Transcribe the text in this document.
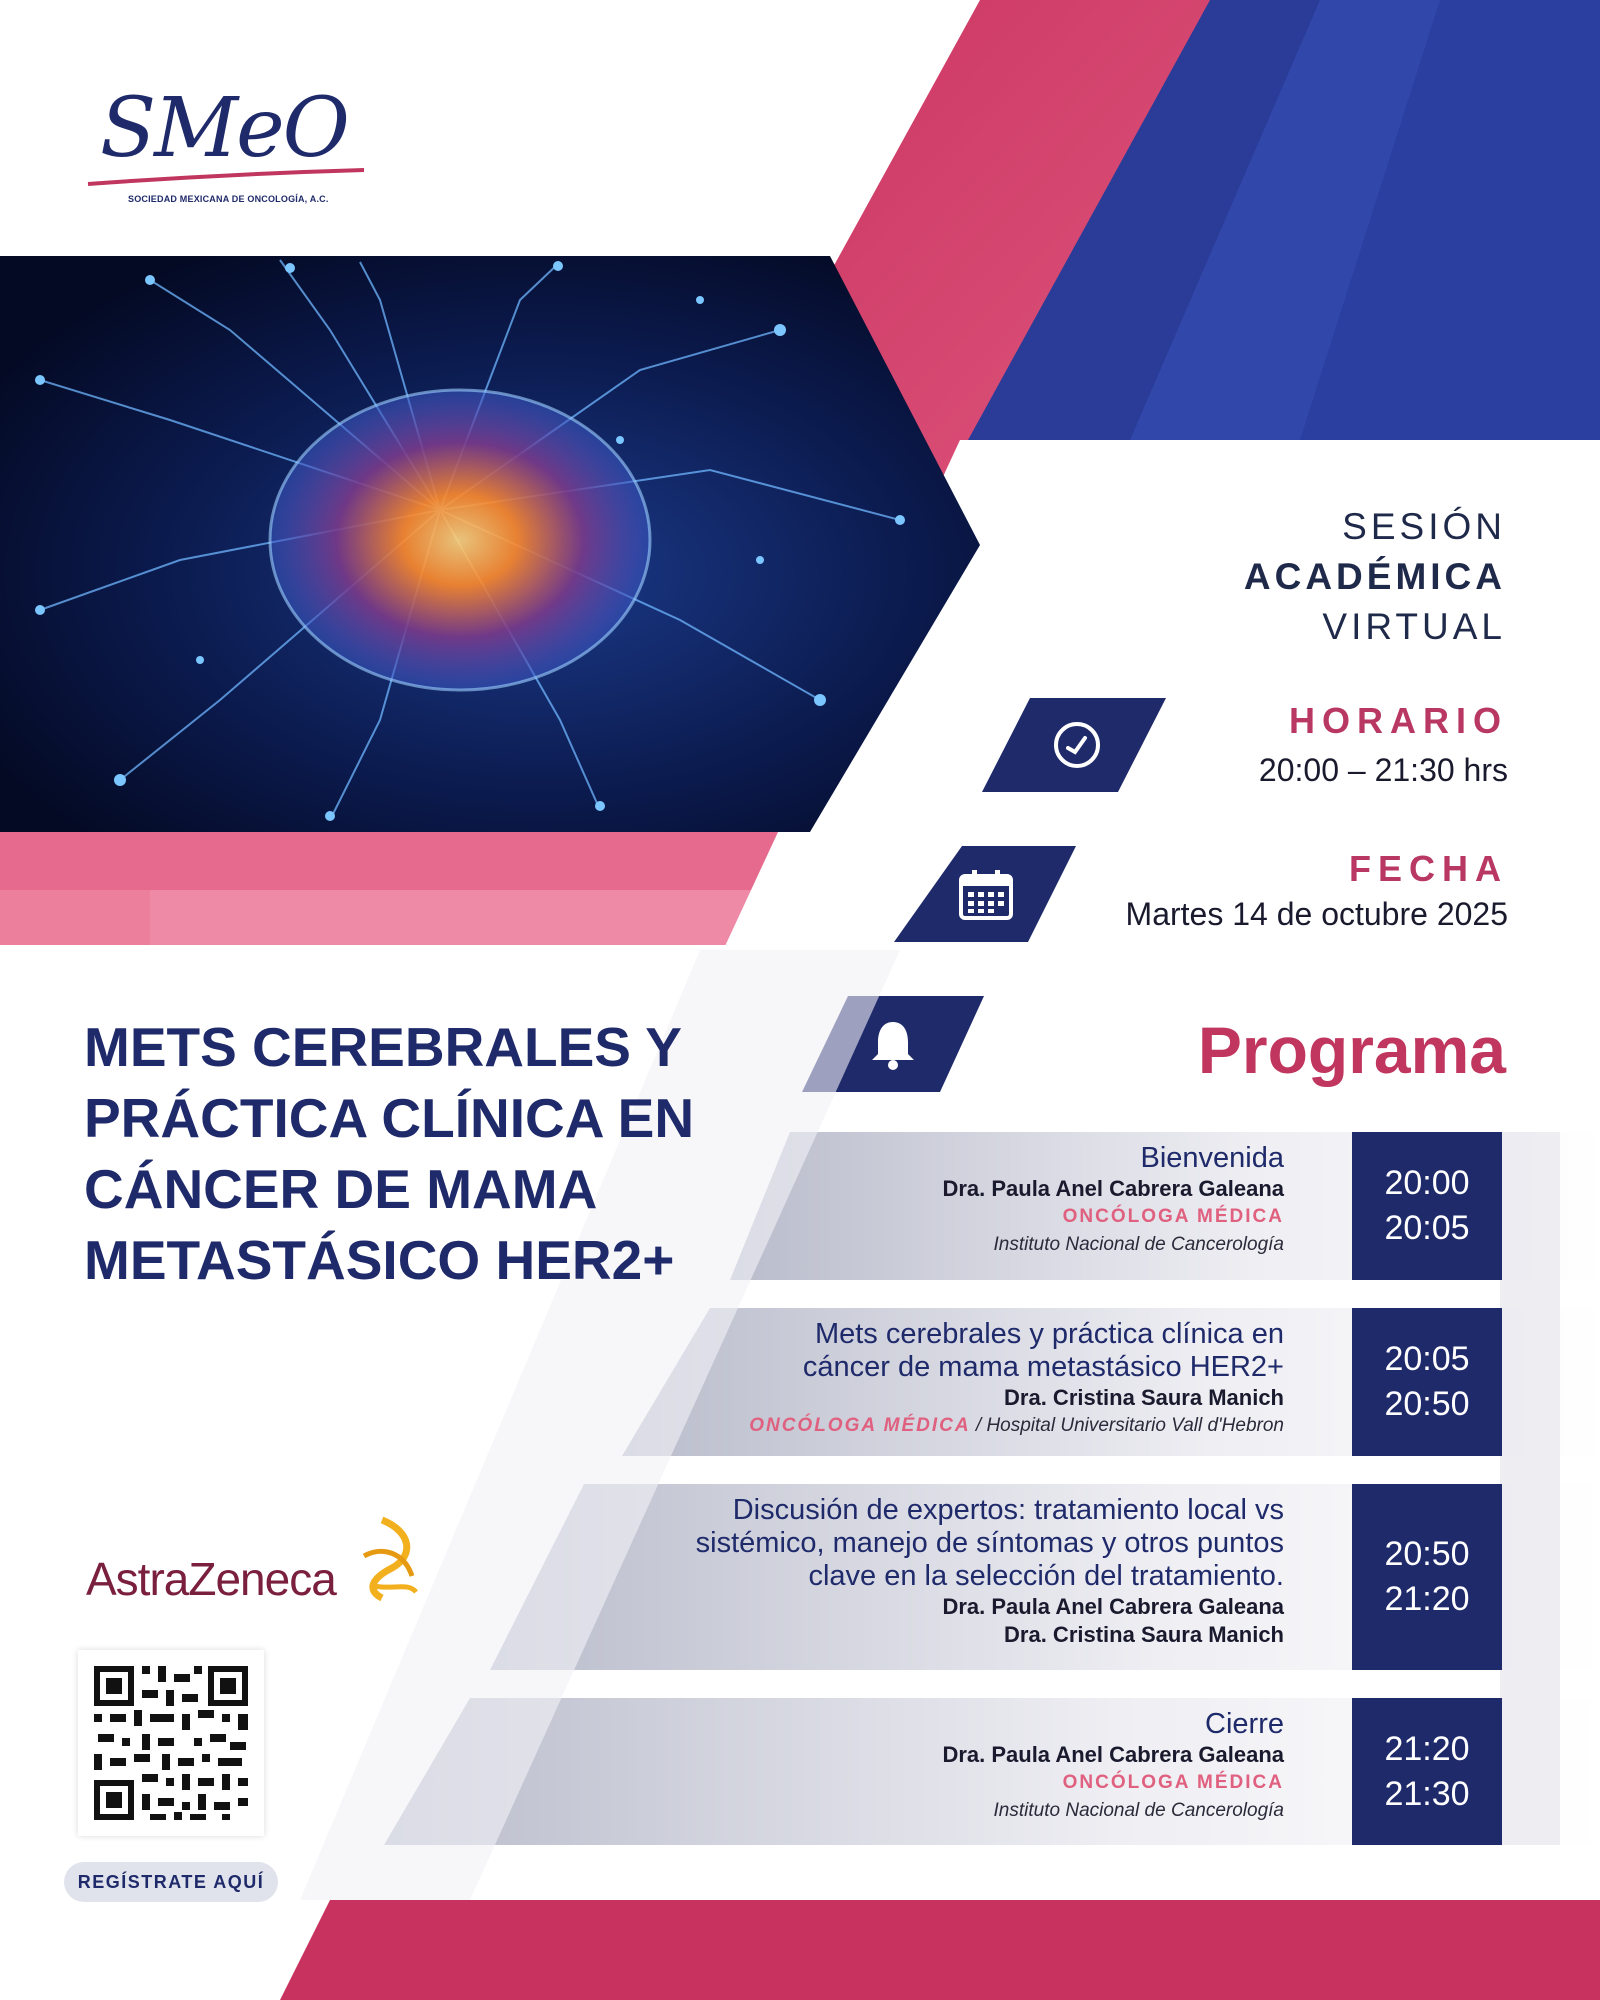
SMeO

SOCIEDAD MEXICANA DE ONCOLOGÍA, A.C.

SESIÓN
ACADÉMICA
VIRTUAL

HORARIO

20:00 – 21:30 hrs

FECHA

Martes 14 de octubre 2025

Programa

METS CEREBRALES Y PRÁCTICA CLÍNICA EN CÁNCER DE MAMA METASTÁSICO HER2+

Bienvenida

Dra. Paula Anel Cabrera Galeana

ONCÓLOGA MÉDICA

Instituto Nacional de Cancerología

20:00
20:05

Mets cerebrales y práctica clínica en

cáncer de mama metastásico HER2+

Dra. Cristina Saura Manich

ONCÓLOGA MÉDICA / Hospital Universitario Vall d'Hebron

20:05
20:50

Discusión de expertos: tratamiento local vs

sistémico, manejo de síntomas y otros puntos

clave en la selección del tratamiento.

Dra. Paula Anel Cabrera Galeana

Dra. Cristina Saura Manich

20:50
21:20

Cierre

Dra. Paula Anel Cabrera Galeana

ONCÓLOGA MÉDICA

Instituto Nacional de Cancerología

21:20
21:30

AstraZeneca

REGÍSTRATE AQUÍ
